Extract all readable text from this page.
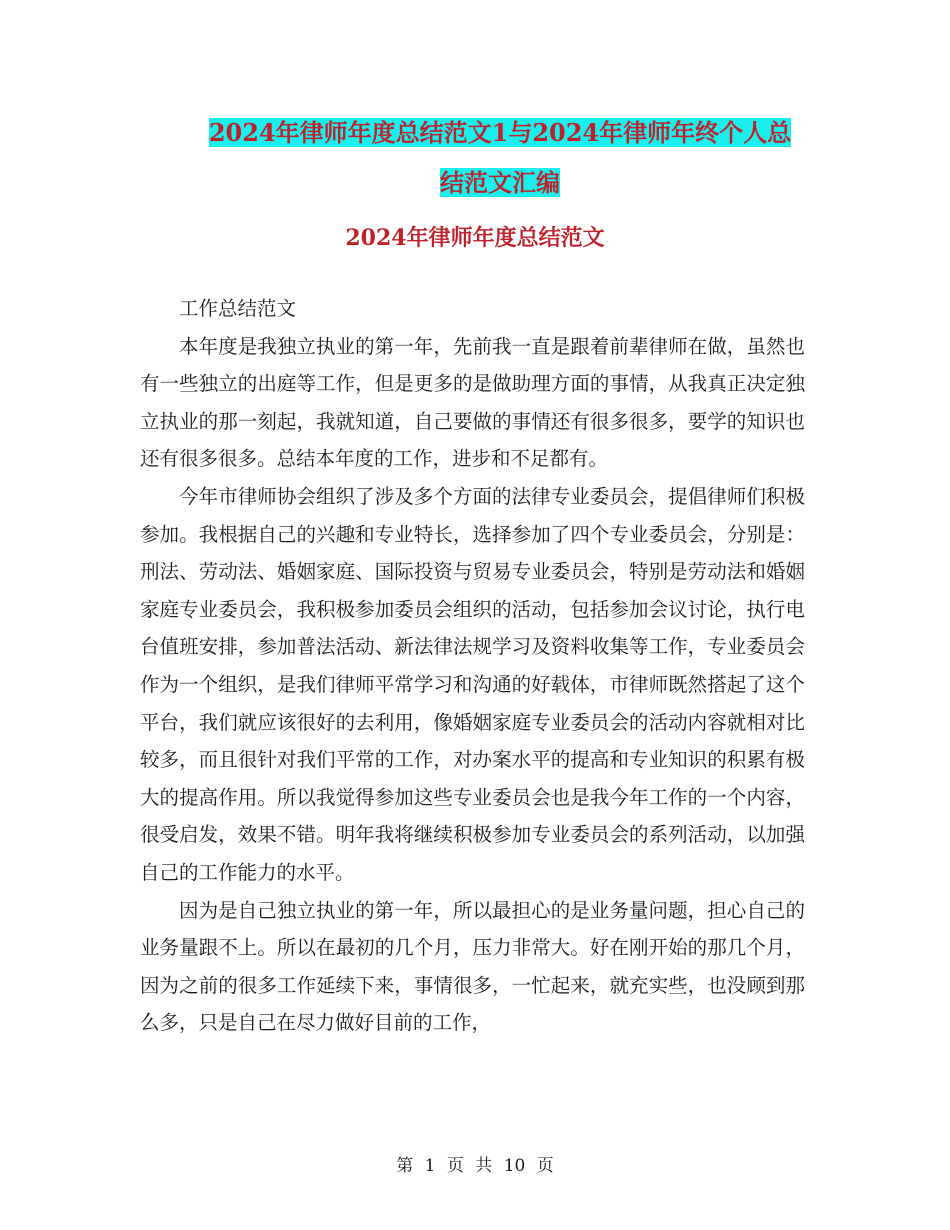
2024年律师年度总结范文1与2024年律师年终个人总
结范文汇编
2024年律师年度总结范文

工作总结范文

本年度是我独立执业的第一年，先前我一直是跟着前辈律师在做，虽然也有一些独立的出庭等工作，但是更多的是做助理方面的事情，从我真正决定独立执业的那一刻起，我就知道，自己要做的事情还有很多很多，要学的知识也还有很多很多。总结本年度的工作，进步和不足都有。

今年市律师协会组织了涉及多个方面的法律专业委员会，提倡律师们积极参加。我根据自己的兴趣和专业特长，选择参加了四个专业委员会，分别是：刑法、劳动法、婚姻家庭、国际投资与贸易专业委员会，特别是劳动法和婚姻家庭专业委员会，我积极参加委员会组织的活动，包括参加会议讨论，执行电台值班安排，参加普法活动、新法律法规学习及资料收集等工作，专业委员会作为一个组织，是我们律师平常学习和沟通的好载体，市律师既然搭起了这个平台，我们就应该很好的去利用，像婚姻家庭专业委员会的活动内容就相对比较多，而且很针对我们平常的工作，对办案水平的提高和专业知识的积累有极大的提高作用。所以我觉得参加这些专业委员会也是我今年工作的一个内容，很受启发，效果不错。明年我将继续积极参加专业委员会的系列活动，以加强自己的工作能力的水平。

因为是自己独立执业的第一年，所以最担心的是业务量问题，担心自己的业务量跟不上。所以在最初的几个月，压力非常大。好在刚开始的那几个月，因为之前的很多工作延续下来，事情很多，一忙起来，就充实些，也没顾到那么多，只是自己在尽力做好目前的工作，

第 1 页 共 10 页
